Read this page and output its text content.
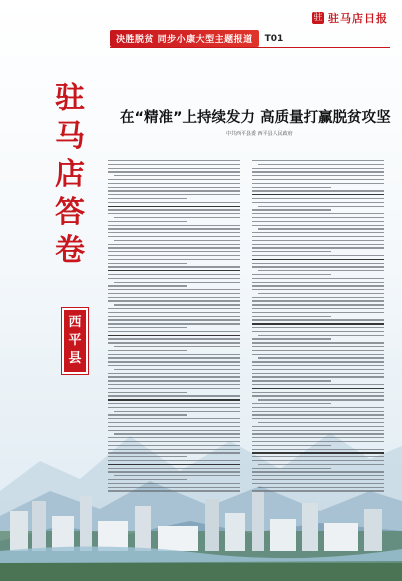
驻 驻马店日报
决胜脱贫 同步小康大型主题报道	T01
驻
马
店
答
卷
西
平
县
在“精准”上持续发力 高质量打赢脱贫攻坚
中共西平县委 西平县人民政府
